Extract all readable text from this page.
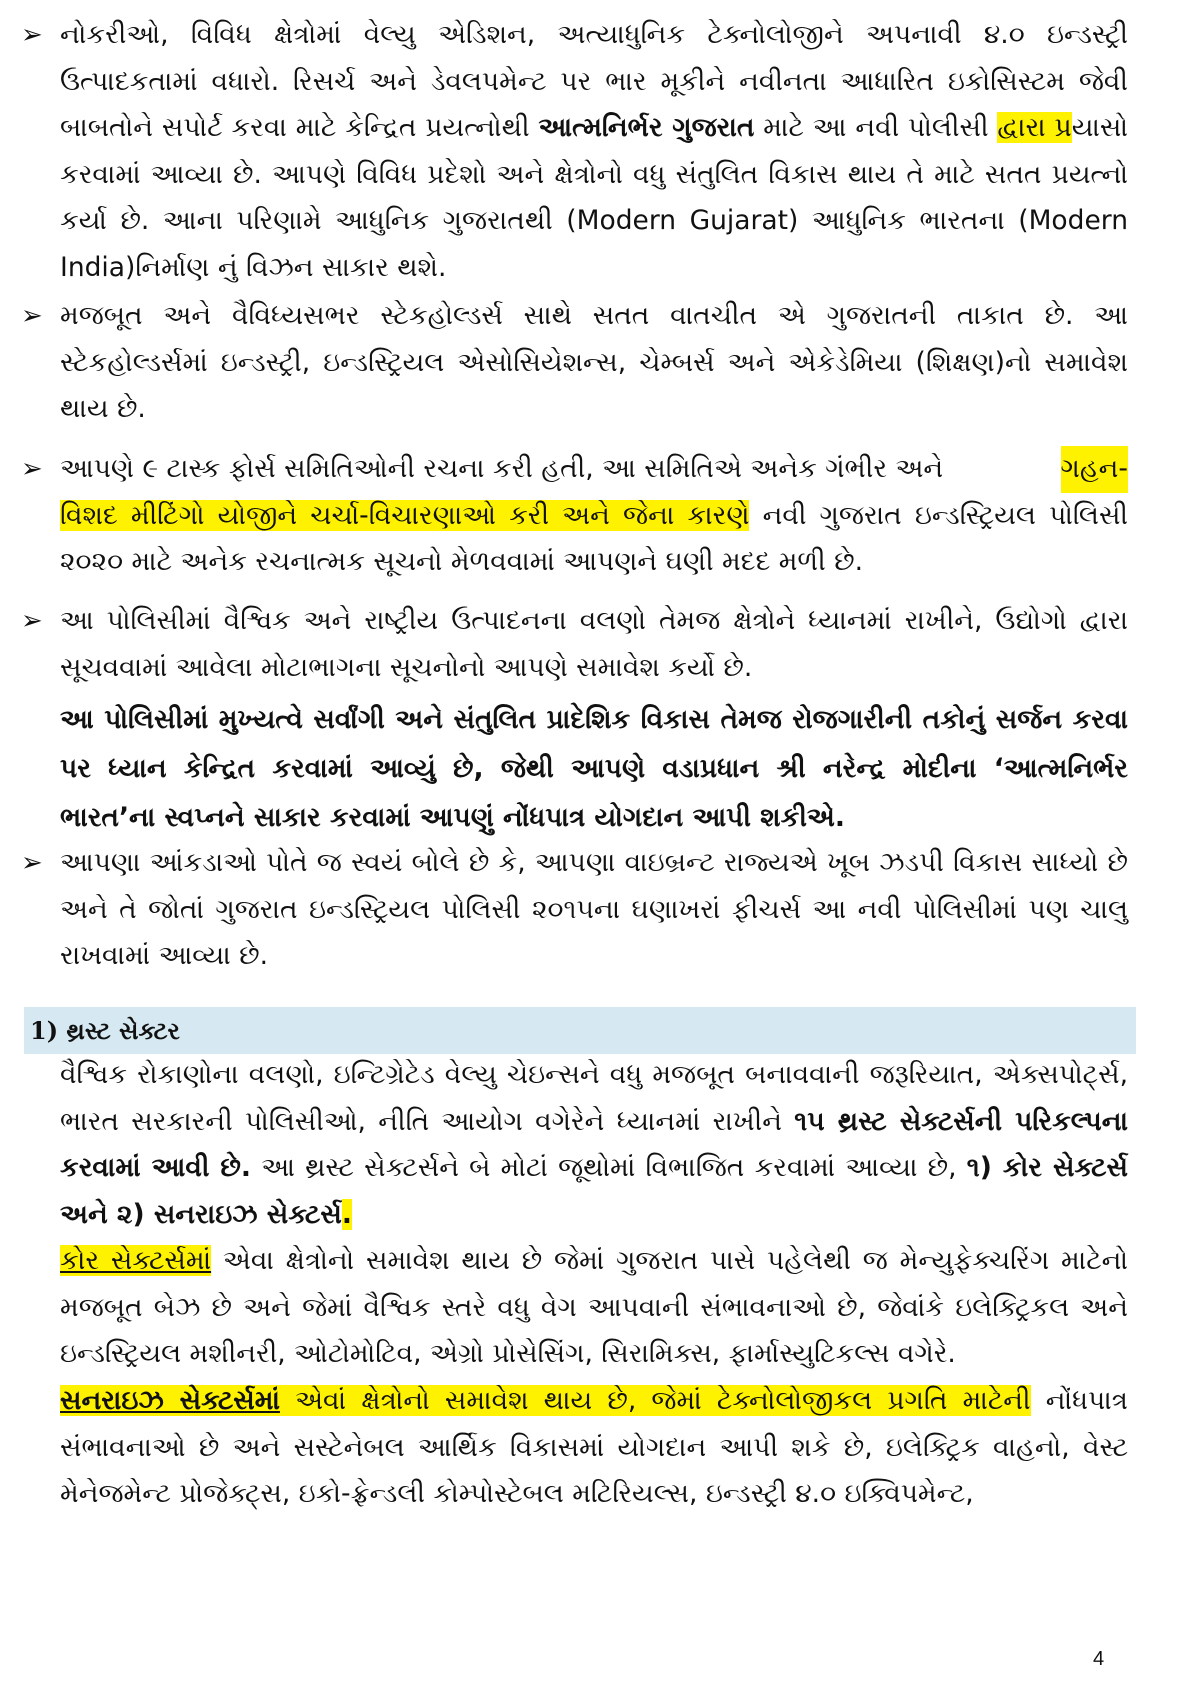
➢ નોકરીઓ, વિવિધ ક્ષેત્રોમાં વેલ્યુ એડિશન, અત્યાધુનિક ટેક્નોલોજીને અપનાવી ૪.૦ ઇન્ડસ્ટ્રી ઉત્પાદકતામાં વધારો. રિસર્ચ અને ડેવલપમેન્ટ પર ભાર મૂકીને નવીનતા આધારિત ઇકોસિસ્ટમ જેવી બાબતોને સપોર્ટ કરવા માટે કેન્દ્રિત પ્રયત્નોથી આત્મનિર્ભર ગુજરાત માટે આ નવી પોલીસી દ્વારા પ્રયાસો કરવામાં આવ્યા છે. આપણે વિવિધ પ્રદેશો અને ક્ષેત્રોનો વધુ સંતુલિત વિકાસ થાય તે માટે સતત પ્રયત્નો કર્યા છે. આના પરિણામે આધુનિક ગુજરાતથી (Modern Gujarat) આધુનિક ભારતના (Modern India)નિર્માણ નું વિઝન સાકાર થશે.
➢ મજબૂત અને વૈવિધ્યસભર સ્ટેકહોલ્ડર્સ સાથે સતત વાતચીત એ ગુજરાતની તાકાત છે. આ સ્ટેકહોલ્ડર્સમાં ઇન્ડસ્ટ્રી, ઇન્ડસ્ટ્રિયલ એસોસિયેશન્સ, ચેમ્બર્સ અને એકેડેમિયા (શિક્ષણ)નો સમાવેશ થાય છે.
➢ આપણે ૯ ટાસ્ક ફોર્સ સમિતિઓની રચના કરી હતી, આ સમિતિએ અનેક ગંભીર અને	ગહન-

વિશદ મીટિંગો યોજીને ચર્ચા-વિચારણાઓ કરી અને જેના કારણે નવી ગુજરાત ઇન્ડસ્ટ્રિયલ પોલિસી ૨૦૨૦ માટે અનેક રચનાત્મક સૂચનો મેળવવામાં આપણને ઘણી મદદ મળી છે.
➢ આ પોલિસીમાં વૈશ્વિક અને રાષ્ટ્રીય ઉત્પાદનના વલણો તેમજ ક્ષેત્રોને ધ્યાનમાં રાખીને, ઉદ્યોગો દ્વારા સૂચવવામાં આવેલા મોટાભાગના સૂચનોનો આપણે સમાવેશ કર્યો છે.
આ પોલિસીમાં મુખ્યત્વે સર્વાંગી અને સંતુલિત પ્રાદેશિક વિકાસ તેમજ રોજગારીની તકોનું સર્જન કરવા પર ધ્યાન કેન્દ્રિત કરવામાં આવ્યું છે, જેથી આપણે વડાપ્રધાન શ્રી નરેન્દ્ર મોદીના ‘આત્મનિર્ભર ભારત’ના સ્વપ્નને સાકાર કરવામાં આપણું નોંધપાત્ર યોગદાન આપી શકીએ.
➢ આપણા આંકડાઓ પોતે જ સ્વયં બોલે છે કે, આપણા વાઇબ્રન્ટ રાજ્યએ ખૂબ ઝડપી વિકાસ સાધ્યો છે અને તે જોતાં ગુજરાત ઇન્ડસ્ટ્રિયલ પોલિસી ૨૦૧૫ના ઘણાખરાં ફીચર્સ આ નવી પોલિસીમાં પણ ચાલુ રાખવામાં આવ્યા છે.
1) થ્રસ્ટ સેક્ટર
વૈશ્વિક રોકાણોના વલણો, ઇન્ટિગ્રેટેડ વેલ્યુ ચેઇન્સને વધુ મજબૂત બનાવવાની જરૂરિયાત, એક્સપોર્ટ્સ, ભારત સરકારની પોલિસીઓ, નીતિ આયોગ વગેરેને ધ્યાનમાં રાખીને ૧૫ થ્રસ્ટ સેક્ટર્સની પરિકલ્પના કરવામાં આવી છે. આ થ્રસ્ટ સેક્ટર્સને બે મોટાં જૂથોમાં વિભાજિત કરવામાં આવ્યા છે, ૧) કોર સેક્ટર્સ અને ૨) સનરાઇઝ સેક્ટર્સ.
કોર સેક્ટર્સમાં એવા ક્ષેત્રોનો સમાવેશ થાય છે જેમાં ગુજરાત પાસે પહેલેથી જ મેન્યુફેક્ચરિંગ માટેનો મજબૂત બેઝ છે અને જેમાં વૈશ્વિક સ્તરે વધુ વેગ આપવાની સંભાવનાઓ છે, જેવાંકે ઇલેક્ટ્રિકલ અને ઇન્ડસ્ટ્રિયલ મશીનરી, ઓટોમોટિવ, એગ્રો પ્રોસેસિંગ, સિરામિક્સ, ફાર્માસ્યુટિકલ્સ વગેરે.
સનરાઇઝ સેક્ટર્સમાં એવાં ક્ષેત્રોનો સમાવેશ થાય છે, જેમાં ટેક્નોલોજીકલ પ્રગતિ માટેની નોંધપાત્ર સંભાવનાઓ છે અને સસ્ટેનેબલ આર્થિક વિકાસમાં યોગદાન આપી શકે છે, ઇલેક્ટ્રિક વાહનો, વેસ્ટ મેનેજમેન્ટ પ્રોજેક્ટ્સ, ઇકો-ફ્રેન્ડલી કોમ્પોસ્ટેબલ મટિરિયલ્સ, ઇન્ડસ્ટ્રી ૪.૦ ઇક્વિપમેન્ટ,
4
